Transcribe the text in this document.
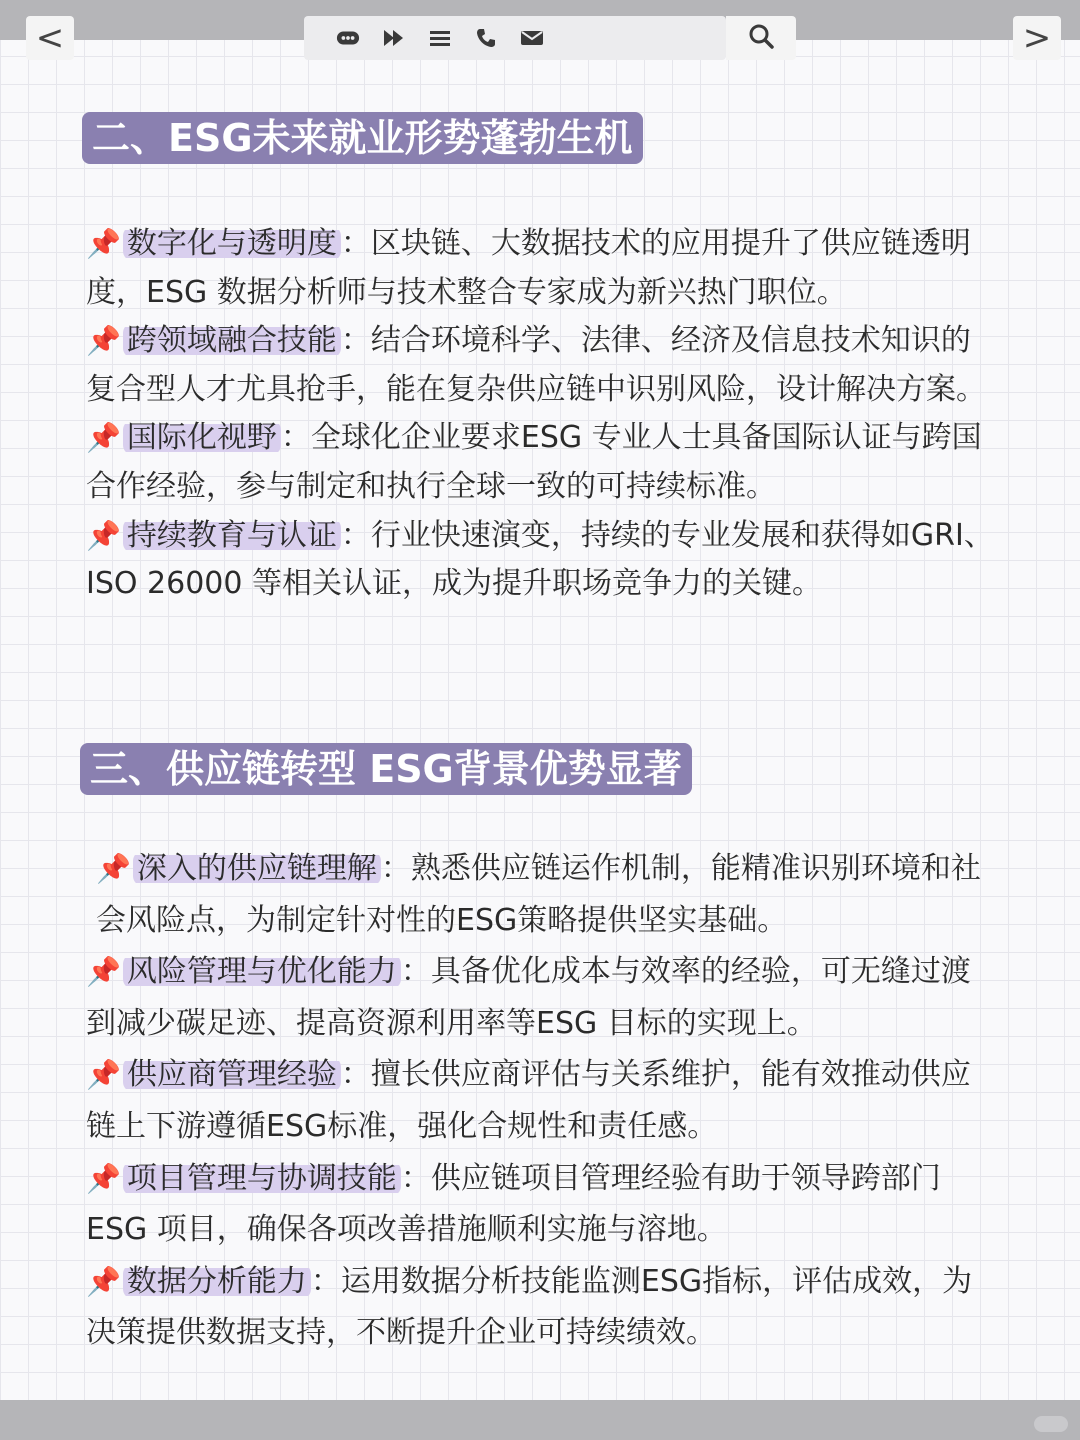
<	>
二、ESG未来就业形势蓬勃生机

📌 数字化与透明度 ：区块链、大数据技术的应用提升了供应链透明度，ESG 数据分析师与技术整合专家成为新兴热门职位。

📌 跨领域融合技能 ：结合环境科学、法律、经济及信息技术知识的复合型人才尤具抢手，能在复杂供应链中识别风险，设计解决方案。

📌 国际化视野 ：全球化企业要求ESG 专业人士具备国际认证与跨国合作经验，参与制定和执行全球一致的可持续标准。

📌 持续教育与认证 ：行业快速演变，持续的专业发展和获得如GRI、ISO 26000 等相关认证，成为提升职场竞争力的关键。

三、供应链转型 ESG背景优势显著

📌 深入的供应链理解 ：熟悉供应链运作机制，能精准识别环境和社会风险点，为制定针对性的ESG策略提供坚实基础。

📌 风险管理与优化能力 ：具备优化成本与效率的经验，可无缝过渡到减少碳足迹、提高资源利用率等ESG 目标的实现上。

📌 供应商管理经验 ：擅长供应商评估与关系维护，能有效推动供应链上下游遵循ESG标准，强化合规性和责任感。

📌 项目管理与协调技能 ：供应链项目管理经验有助于领导跨部门 ESG 项目，确保各项改善措施顺利实施与溶地。

📌 数据分析能力 ：运用数据分析技能监测ESG指标，评估成效，为决策提供数据支持，不断提升企业可持续绩效。
